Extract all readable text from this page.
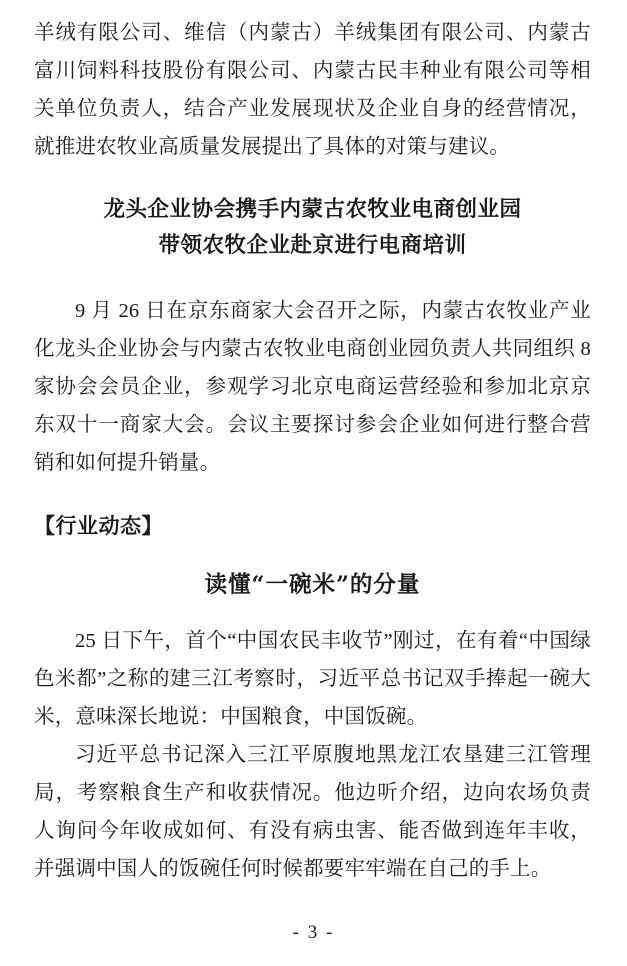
羊绒有限公司、维信（内蒙古）羊绒集团有限公司、内蒙古富川饲料科技股份有限公司、内蒙古民丰种业有限公司等相关单位负责人，结合产业发展现状及企业自身的经营情况，就推进农牧业高质量发展提出了具体的对策与建议。

龙头企业协会携手内蒙古农牧业电商创业园
带领农牧企业赴京进行电商培训

9 月 26 日在京东商家大会召开之际，内蒙古农牧业产业化龙头企业协会与内蒙古农牧业电商创业园负责人共同组织 8 家协会会员企业，参观学习北京电商运营经验和参加北京京东双十一商家大会。会议主要探讨参会企业如何进行整合营销和如何提升销量。

【行业动态】
读懂“一碗米”的分量

25 日下午，首个“中国农民丰收节”刚过，在有着“中国绿色米都”之称的建三江考察时，习近平总书记双手捧起一碗大米，意味深长地说：中国粮食，中国饭碗。

习近平总书记深入三江平原腹地黑龙江农垦建三江管理局，考察粮食生产和收获情况。他边听介绍，边向农场负责人询问今年收成如何、有没有病虫害、能否做到连年丰收，并强调中国人的饭碗任何时候都要牢牢端在自己的手上。

- 3 -
